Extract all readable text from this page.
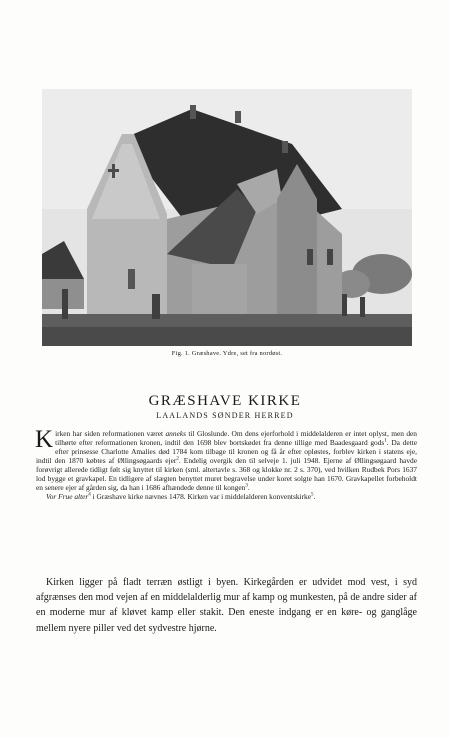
Fig. 1. Græshave. Ydre, set fra nordøst.
GRÆSHAVE KIRKE
LAALANDS SØNDER HERRED

Kirken har siden reformationen været anneks til Gloslunde. Om dens ejerforhold i middelalderen er intet oplyst, men den tilhørte efter reformationen kronen, indtil den 1698 blev bortskødet fra denne tillige med Baadesgaard gods$^1$. Da dette efter prinsesse Charlotte Amalies død 1784 kom tilbage til kronen og få år efter opløstes, forblev kirken i statens eje, indtil den 1870 købtes af Øllingsøgaards ejer$^2$. Endelig overgik den til selveje 1. juli 1948. Ejerne af Øllingsøgaard havde forøvrigt allerede tidligt følt sig knyttet til kirken (sml. altertavle s. 368 og klokke nr. 2 s. 370), ved hvilken Rudbek Pors 1637 lod bygge et gravkapel. En tidligere af slægten benyttet muret begravelse under koret solgte han 1670. Gravkapellet forbeholdt en senere ejer af gården sig, da han i 1686 afhændede denne til kongen$^3$.

Vor Frue alter$^4$ i Græshave kirke nævnes 1478. Kirken var i middelalderen konventskirke$^5$.

Kirken ligger på fladt terræn østligt i byen. Kirkegården er udvidet mod vest, i syd afgrænses den mod vejen af en middelalderlig mur af kamp og munkesten, på de andre sider af en moderne mur af kløvet kamp eller stakit. Den eneste indgang er en køre- og ganglåge mellem nyere piller ved det sydvestre hjørne.
